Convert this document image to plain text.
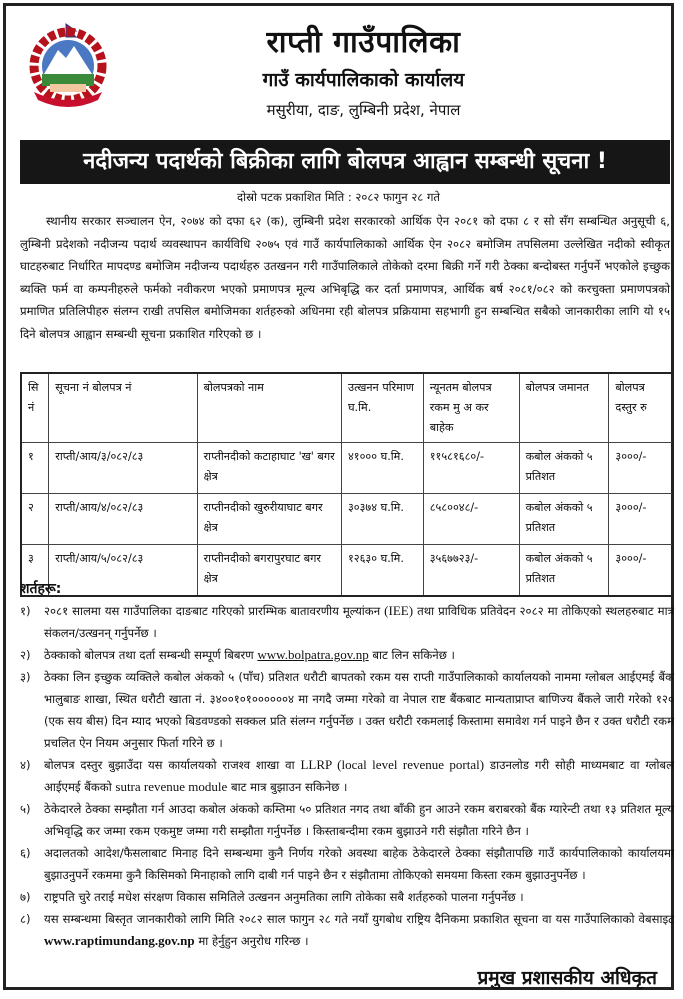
राप्ती गाउँपालिका
गाउँ कार्यपालिकाको कार्यालय
मसुरीया, दाङ, लुम्बिनी प्रदेश, नेपाल
नदीजन्य पदार्थको बिक्रीका लागि बोलपत्र आह्वान सम्बन्धी सूचना !
दोस्रो पटक प्रकाशित मिति : २०८२ फागुन २८ गते
स्थानीय सरकार सञ्चालन ऐन, २०७४ को दफा ६२ (क), लुम्बिनी प्रदेश सरकारको आर्थिक ऐन २०८१ को दफा ८ र सो सँग सम्बन्धित अनुसूची ६, लुम्बिनी प्रदेशको नदीजन्य पदार्थ व्यवस्थापन कार्यविधि २०७५ एवं गाउँ कार्यपालिकाको आर्थिक ऐन २०८२ बमोजिम तपसिलमा उल्लेखित नदीको स्वीकृत घाटहरुबाट निर्धारित मापदण्ड बमोजिम नदीजन्य पदार्थहरु उतखनन गरी गाउँपालिकाले तोकेको दरमा बिक्री गर्ने गरी ठेक्का बन्दोबस्त गर्नुपर्ने भएकोले इच्छुक ब्यक्ति फर्म वा कम्पनीहरुले फर्मको नवीकरण भएको प्रमाणपत्र मूल्य अभिबृद्धि कर दर्ता प्रमाणपत्र, आर्थिक बर्ष २०८१/०८२ को करचुक्ता प्रमाणपत्रको प्रमाणित प्रतिलिपीहरु संलग्न राखी तपसिल बमोजिमका शर्तहरुको अधिनमा रही बोलपत्र प्रक्रियामा सहभागी हुन सम्बन्धित सबैको जानकारीका लागि यो १५ दिने बोलपत्र आह्वान सम्बन्धी सूचना प्रकाशित गरिएको छ ।
सि नं	सूचना नं बोलपत्र नं	बोलपत्रको नाम	उत्खनन परिमाण घ.मि.	न्यूनतम बोलपत्र रकम मु अ कर बाहेक	बोलपत्र जमानत	बोलपत्र दस्तुर रु
१	राप्ती/आय/३/०८२/८३	राप्तीनदीको कटाहाघाट 'ख' बगर क्षेत्र	४१००० घ.मि.	११५८१६८०/-	कबोल अंकको ५ प्रतिशत	३०००/-
२	राप्ती/आय/४/०८२/८३	राप्तीनदीको खुरुरीयाघाट बगर क्षेत्र	३०३७४ घ.मि.	८५८००४८/-	कबोल अंकको ५ प्रतिशत	३०००/-
३	राप्ती/आय/५/०८२/८३	राप्तीनदीको बगरापुरघाट बगर क्षेत्र	१२६३० घ.मि.	३५६७७२३/-	कबोल अंकको ५ प्रतिशत	३०००/-
शर्तहरू:
१)	२०८१ सालमा यस गाउँपालिका दाङबाट गरिएको प्रारम्भिक बातावरणीय मूल्यांकन (IEE) तथा प्राविधिक प्रतिवेदन २०८२ मा तोकिएको स्थलहरुबाट मात्र संकलन/उत्खनन् गर्नुपर्नेछ ।
२)	ठेक्काको बोलपत्र तथा दर्ता सम्बन्धी सम्पूर्ण बिबरण www.bolpatra.gov.np बाट लिन सकिनेछ ।
३)	ठेक्का लिन इच्छुक व्यक्तिले कबोल अंकको ५ (पाँच) प्रतिशत धरौटी बापतको रकम यस राप्ती गाउँपालिकाको कार्यालयको नाममा ग्लोबल आईएमई बैंक भालुबाङ शाखा, स्थित धरौटी खाता नं. ३४००१०१००००००४ मा नगदै जम्मा गरेको वा नेपाल राष्ट बैंकबाट मान्यताप्राप्त बाणिज्य बैंकले जारी गरेको १२० (एक सय बीस) दिन म्याद भएको बिडवण्डको सक्कल प्रति संलग्न गर्नुपर्नेछ । उक्त धरौटी रकमलाई किस्तामा समावेश गर्न पाइने छैन र उक्त धरौटी रकम प्रचलित ऐन नियम अनुसार फिर्ता गरिने छ ।
४)	बोलपत्र दस्तुर बुझाउँदा यस कार्यालयको राजश्व शाखा वा LLRP (local level revenue portal) डाउनलोड गरी सोही माध्यमबाट वा ग्लोबल आईएमई बैंकको sutra revenue module बाट मात्र बुझाउन सकिनेछ ।
५)	ठेकेदारले ठेक्का सम्झौता गर्न आउदा कबोल अंकको कम्तिमा ५० प्रतिशत नगद तथा बाँकी हुन आउने रकम बराबरको बैंक ग्यारेन्टी तथा १३ प्रतिशत मूल्य अभिवृद्धि कर जम्मा रकम एकमुष्ट जम्मा गरी सम्झौता गर्नुपर्नेछ । किस्ताबन्दीमा रकम बुझाउने गरी संझौता गरिने छैन ।
६)	अदालतको आदेश/फैसलाबाट मिनाह दिने सम्बन्धमा कुनै निर्णय गरेको अवस्था बाहेक ठेकेदारले ठेक्का संझौतापछि गाउँ कार्यपालिकाको कार्यालयमा बुझाउनुपर्ने रकममा कुनै किसिमको मिनाहाको लागि दाबी गर्न पाइने छैन र संझौतामा तोकिएको समयमा किस्ता रकम बुझाउनुपर्नेछ ।
७)	राष्ट्रपति चुरे तराई मधेश संरक्षण विकास समितिले उत्खनन अनुमतिका लागि तोकेका सबै शर्तहरुको पालना गर्नुपर्नेछ ।
८)	यस सम्बन्धमा बिस्तृत जानकारीको लागि मिति २०८२ साल फागुन २८ गते नयाँ युगबोध राष्ट्रिय दैनिकमा प्रकाशित सूचना वा यस गाउँपालिकाको वेबसाइट www.raptimundang.gov.np मा हेर्नुहुन अनुरोध गरिन्छ ।
प्रमुख प्रशासकीय अधिकृत
